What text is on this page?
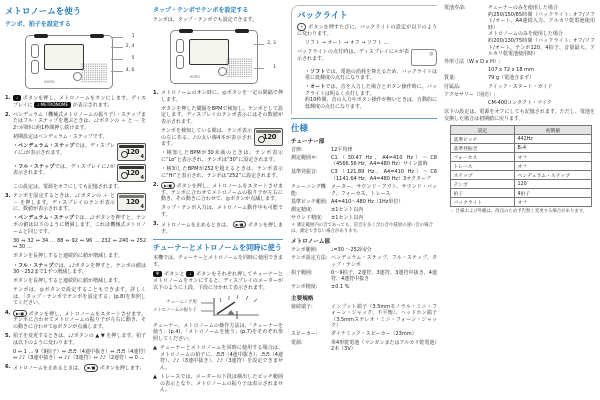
メトロノームを使う
テンポ、拍子を設定する
KORG
1
2, 4
5
4, 6
1.	♩ ボタンを押し、メトロノームをオンにします。ディスプレイに ♩ METRONOME が表示されます。
2. ペンデュラム（機械式メトロノームの振り子）・ステップまたはフル・ステップを選ぶときは、♩♪ボタンの ＋ と － を2つ同時に約1秒間押し続けます。
初期設定はペンデュラム・ステップです。
・ペンデュラム・ステップでは、ディスプレイに♩が表示されます。	120
4
・フル・ステップでは、ディスプレイに♪が表示されます。	120
4
この設定は、電源をオフにしても記憶されます。
3. テンポを設定するときは、♩♪ボタンの ＋ と － を押します。ディスプレイのテンポ表示に、数値が表示されます。
120
4
・ペンデュラム・ステップでは、♩♪ボタンを押すと、テンポの値は以下のように増減します。これは機械式メトロノームと同じです。
30 ⇔ 32 ⇔ 34 … 88 ⇔ 92 ⇔ 96 … 232 ⇔ 240 ⇔ 252 ⇔ 30 …
ボタンを長押しすると連続的に値が増減します。
・フル・ステップでは、♩♪ボタンを押すと、テンポの値は30～252まで1ずつ増減します。
ボタンを長押しすると連続的に値が増減します。
テンポは、◎ボタンで設定することもできます。詳しくは、「タップ・テンポでテンポを設定する」(p.8)を参照してください。
4.	▶/■ ボタンを押し、メトロノームをスタートさせます。テンポに合わせてメトロノームの振り子が左右に動き、その動きに合わせて◎ボタンが点滅します。
5. 拍子を変更するときは、♩♪ボタンの ▲ ▼ を押します。拍子は以下のように変わります。
0 ⇔ 1 … 9（9拍子）⇔ ♬♬（4連中抜き）⇔ ♬♬（4連符）⇔ ♪♪（3連中抜き）⇔ ♪♪（3連符）⇔ ♪♪（2連符）⇔ 0 …
6. メトロノームを止めるときは、 ▶/■ ボタンを押します。
タップ・テンポでテンポを設定する
テンポは、タップ・テンポでも設定できます。
KORG
2, 3
1
1. メトロノームのオン時に、◎ボタンを一定の間隔で押します。
ボタンを押した間隔をBPMで検知し、テンポとして設定します。ディスプレイのテンポ表示にはその数値が表示されます。
テンポを検知している間は、テンポ表示の左にある、♪の太い線4本が表示されます。
120
・検知したBPMが30未満のときは、テンポ表示に“Lo”と表示され、テンポは“30”に設定されます。
・検知したBPMが252を超えるときは、テンポ表示に“Hi”と表示され、テンポは“252”に設定されます。
2.	▶/■ ボタンを押し、メトロノームをスタートさせます。テンポに合わせてメトロノームの振り子が左右に動き、その動きに合わせて、◎ボタンが点滅します。
タップ・テンポ入力は、メトロノーム動作中も可能です。
3. メトロノームを止めるときは、 ▶/■ ボタンを押します。
チューナーとメトロノームを同時に使う
本機では、チューナーとメトロノームを同時に使用できます。
Ψ ボタンと ♩ ボタンをそれぞれ押してチューナーとメトロノームをオンにすると、ディスプレイのメーターが以下のように上段、下段に分かれて表示されます。
チューニング用
メトロノームの振り子
チューナー、メトロノームの操作方法は、「チューナーを使う」(p.4)、「メトロノームを使う」(p.7)をそれぞれ参照してください。
▲ チューナーとメトロノームを同時に使用する場合は、メトロノームの拍子に、♬♬（4連中抜き）、♬♬（4連符）、♪♪（3連中抜き）、♪♪（3連符）を設定できません。
▲ トレースでは、メーターの下段は検出したピッチ範囲の表示となり、メトロノームの振り子は表示されません。
バックライト
☼ ボタンを押すたびに、バックライトの設定が以下のように変わります。
ソフト → オート → オフ → ソフト …
バックライトの点灯時は、ディスプレイに☼が表示されます。
☼
・ソフトでは、電池の消耗を抑えるため、バックライトは常に低輝度の点灯になります。
・オートでは、音を入力した場合とボタン操作時に、バックライトは明るく点灯します。
約10秒間、音の入力やボタン操作が無いときは、自動的に低輝度の点灯になります。
仕様
チューナー部
音律:	12平均律
測定範囲＊:	C1（30.47 Hz、A4=410 Hz）～C8（4566.56 Hz、A4=480 Hz）サイン波時
基準発振音:	C3（121.89 Hz、A4=410 Hz）～C6（1141.64 Hz、A4=480 Hz）3オクターブ
チューニング機能:
メーター、サウンド・アウト、サウンド・バック、フォーカス、トレース
基準ピッチ範囲: A4=410～480 Hz（1Hz単位）
測定精度:	±1セント以内
サウンド精度:	±1セント以内
＊ 測定範囲内の音であっても、倍音を多く含む音や減衰の速い音の場合は、測定できない場合があります。
メトロノーム部
テンポ範囲:	♩=30 ～252回/分
テンポ設定方法: ペンデュラム・ステップ、フル・ステップ、タップ・テンポ
拍子範囲:	0～9拍子、2連符、3連符、3連符中抜き、4連符、4連符中抜き
テンポ精度:	±0.1 %
主要規格
接続端子:	インプット端子（3.5mmモノラル・ミニ・フォーン・ジャック、不平衡）、ヘッドホン端子（3.5mmステレオ・ミニ・フォーン・ジャック）
スピーカー:	ダイナミック・スピーカー（23mm）
電源:	単4形乾電池（マンガンまたはアルカリ乾電池）2本（3V）
電池寿命:	チューナーのみを使用した場合
約250/150/85時間（バックライト: オフ/ソフト/オート、A4連続入力、アルカリ乾電池使用時）
メトロノームのみを使用した場合
約200/130/75時間（バックライト: オフ/ソフト/オート、テンポ120、4拍子、音量最大、アルカリ乾電池使用時）
外形寸法（W x D x H）:
107 x 72 x 18 mm
質量:	79 g（電池含まず）
付属品:	クイック・スタート・ガイド
アクセサリー（別売）:
CM-400コンタクト・マイク
以下の設定は、電源をオフにしても記憶されます。ただし、電池を交換した場合は初期値に戻ります。
設定	初期値
基準ピッチ	442Hz
基準発振音	B♭4
フォーカス	オフ
トレース	オフ
ステップ	ペンデュラム・ステップ
テンポ	120
拍子	4拍子
バックライト	オフ
・ 仕様および外観は、改良のため予告無く変更する場合があります。
